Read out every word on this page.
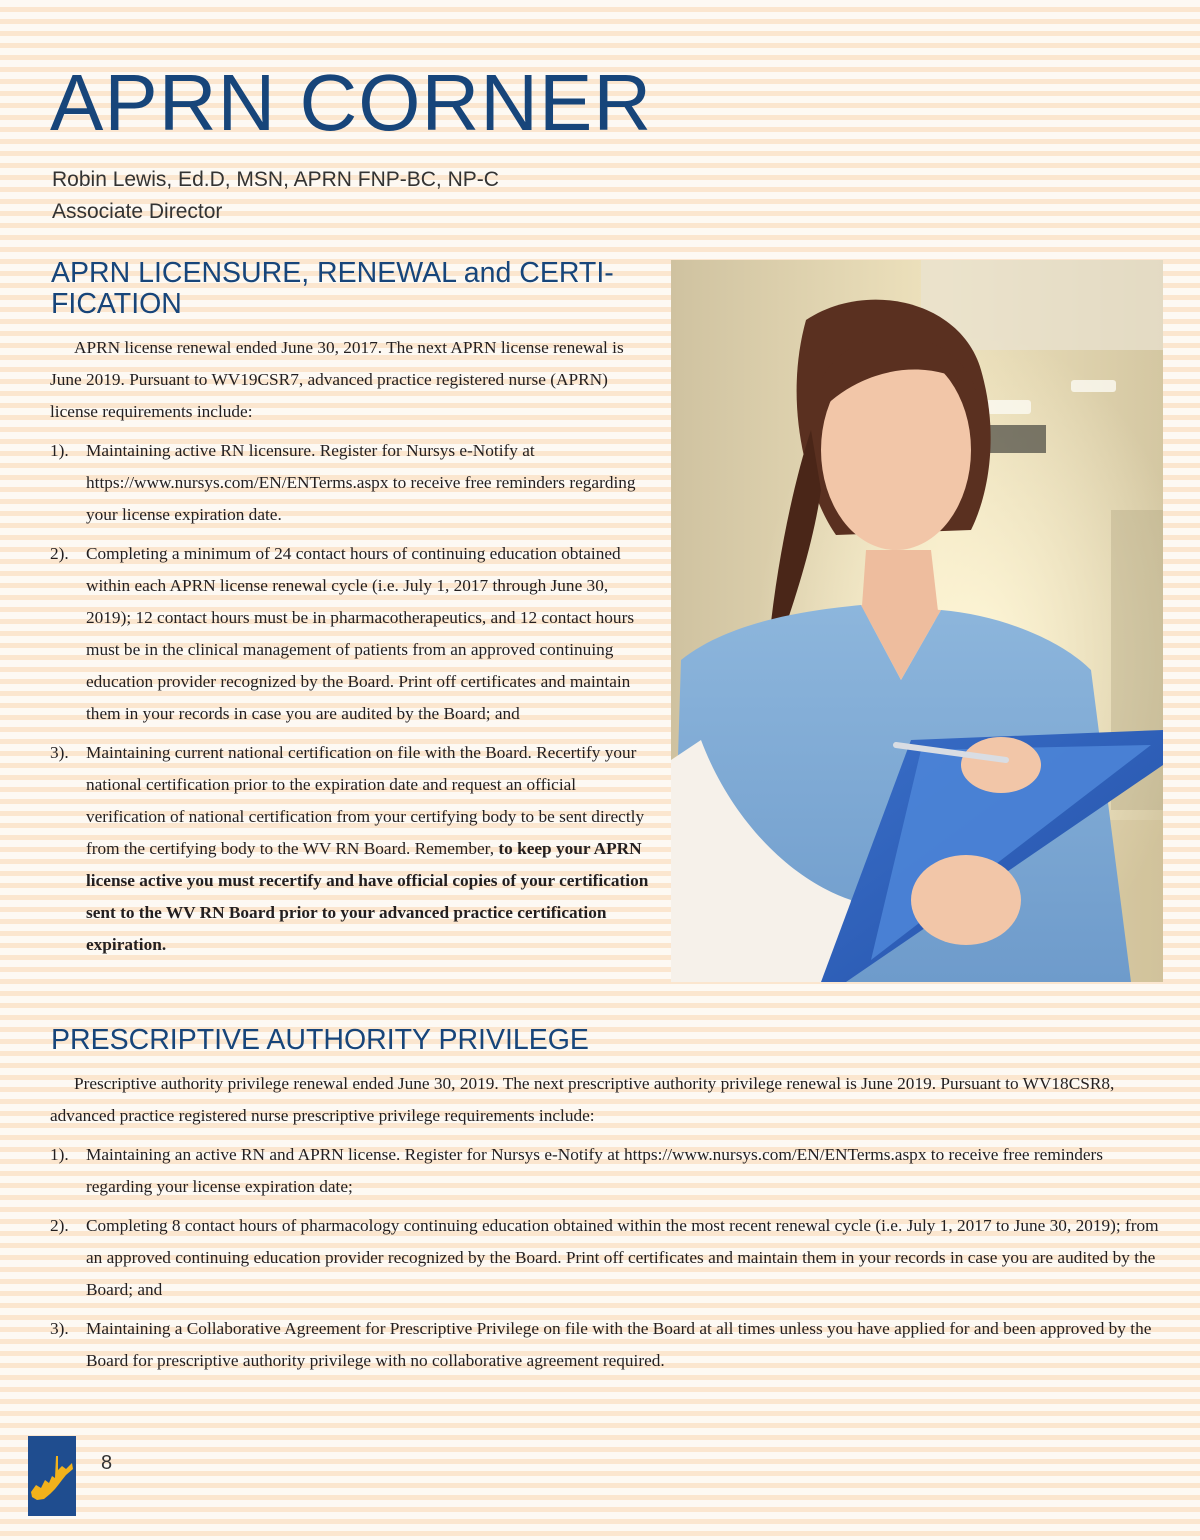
APRN CORNER
Robin Lewis, Ed.D, MSN, APRN FNP-BC, NP-C
Associate Director
APRN LICENSURE, RENEWAL and CERTI-
FICATION

APRN license renewal ended June 30, 2017. The next APRN license renewal is June 2019. Pursuant to WV19CSR7, advanced practice registered nurse (APRN) license requirements include:

1). Maintaining active RN licensure. Register for Nursys e-Notify at https://www.nursys.com/EN/ENTerms.aspx to receive free reminders regarding your license expiration date.
2). Completing a minimum of 24 contact hours of continuing education obtained within each APRN license renewal cycle (i.e. July 1, 2017 through June 30, 2019); 12 contact hours must be in pharmacotherapeutics, and 12 contact hours must be in the clinical management of patients from an approved continuing education provider recognized by the Board. Print off certificates and maintain them in your records in case you are audited by the Board; and
3). Maintaining current national certification on file with the Board. Recertify your national certification prior to the expiration date and request an official verification of national certification from your certifying body to be sent directly from the certifying body to the WV RN Board. Remember, to keep your APRN license active you must recertify and have official copies of your certification sent to the WV RN Board prior to your advanced practice certification expiration.
PRESCRIPTIVE AUTHORITY PRIVILEGE

Prescriptive authority privilege renewal ended June 30, 2019. The next prescriptive authority privilege renewal is June 2019. Pursuant to WV18CSR8, advanced practice registered nurse prescriptive privilege requirements include:

1). Maintaining an active RN and APRN license. Register for Nursys e-Notify at https://www.nursys.com/EN/ENTerms.aspx to receive free reminders regarding your license expiration date;
2). Completing 8 contact hours of pharmacology continuing education obtained within the most recent renewal cycle (i.e. July 1, 2017 to June 30, 2019); from an approved continuing education provider recognized by the Board. Print off certificates and maintain them in your records in case you are audited by the Board; and
3). Maintaining a Collaborative Agreement for Prescriptive Privilege on file with the Board at all times unless you have applied for and been approved by the Board for prescriptive authority privilege with no collaborative agreement required.

8
